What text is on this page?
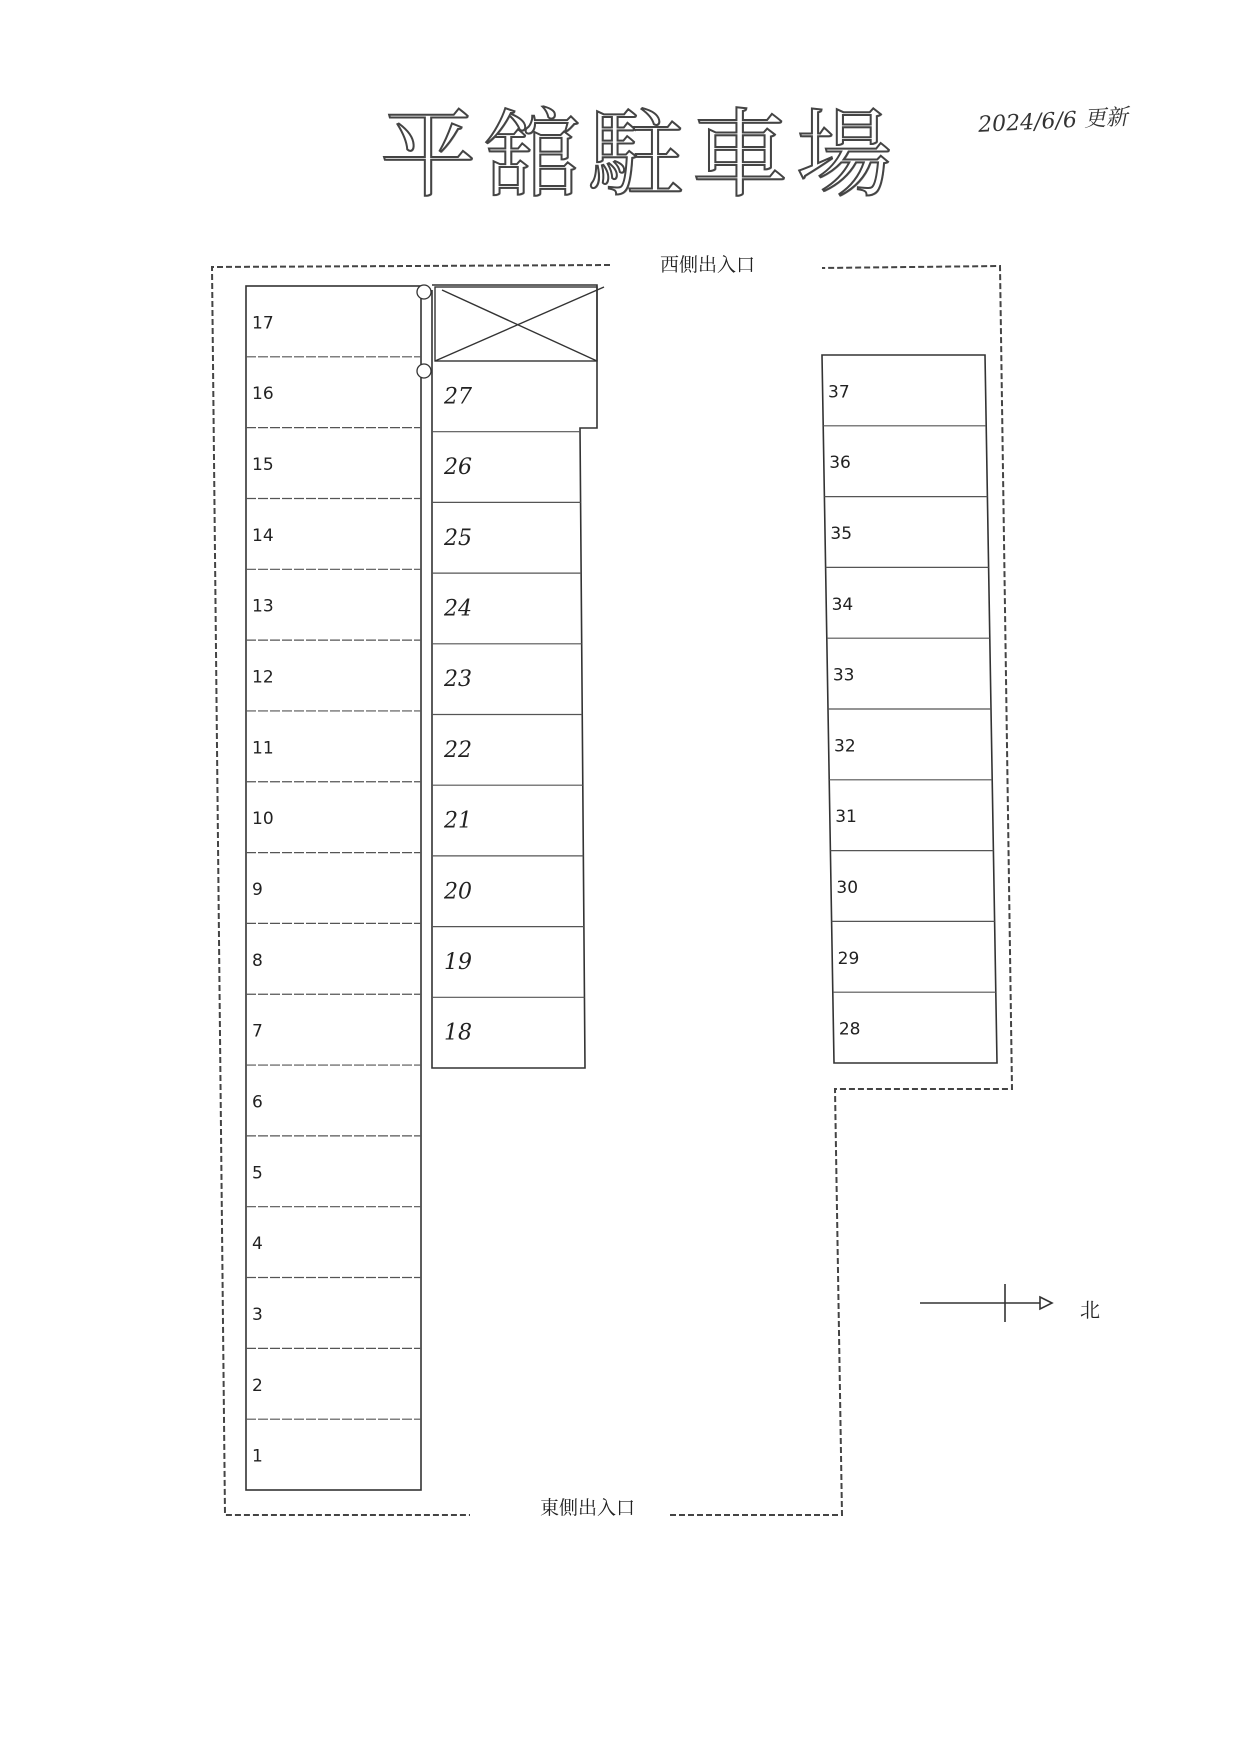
平舘駐車場	2024/6/6 更新
西側出入口
東側出入口
北
17
16
15
14
13
12
11
10
9
8
7
6
5
4
3
2
1
27
26
25
24
23
22
21
20
19
18
37
36
35
34
33
32
31
30
29
28
